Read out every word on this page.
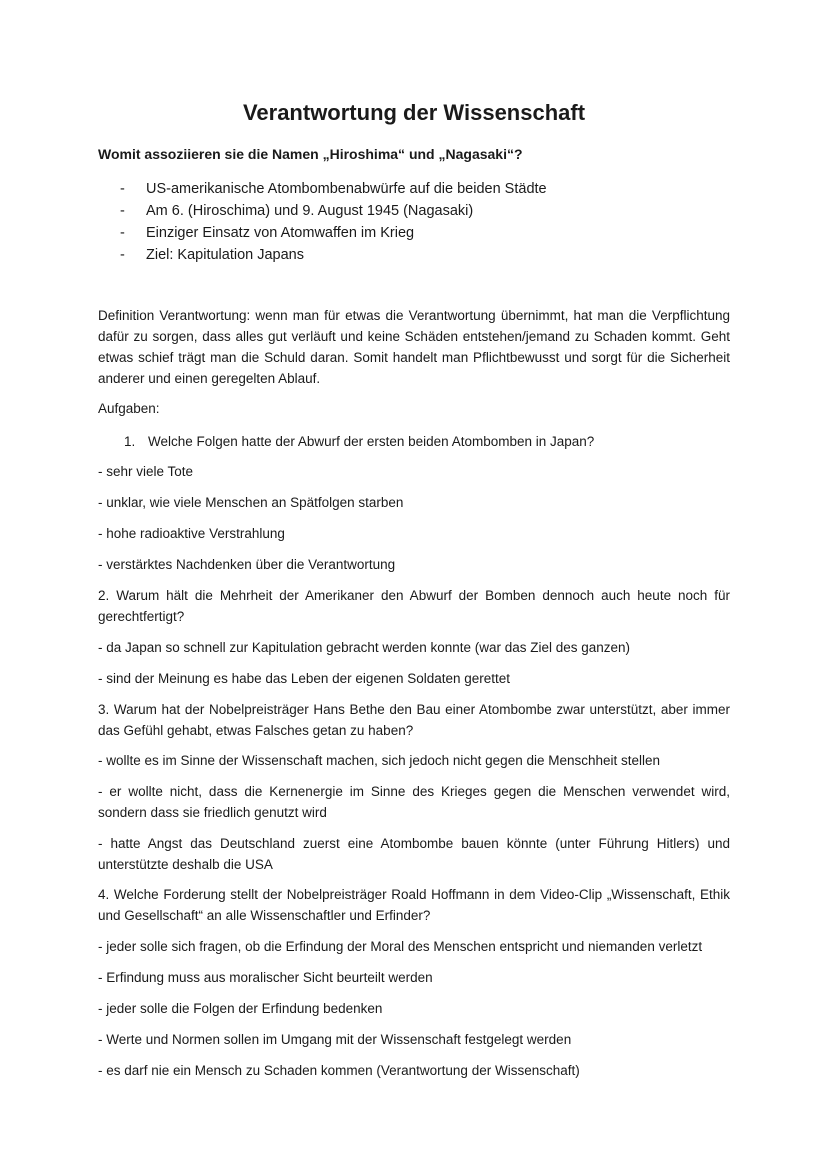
Verantwortung der Wissenschaft
Womit assoziieren sie die Namen „Hiroshima“ und „Nagasaki“?
- US-amerikanische Atombombenabwürfe auf die beiden Städte
- Am 6. (Hiroschima) und 9. August 1945 (Nagasaki)
- Einziger Einsatz von Atomwaffen im Krieg
- Ziel: Kapitulation Japans

Definition Verantwortung: wenn man für etwas die Verantwortung übernimmt, hat man die Verpflichtung dafür zu sorgen, dass alles gut verläuft und keine Schäden entstehen/jemand zu Schaden kommt. Geht etwas schief trägt man die Schuld daran. Somit handelt man Pflichtbewusst und sorgt für die Sicherheit anderer und einen geregelten Ablauf.

Aufgaben:

1. Welche Folgen hatte der Abwurf der ersten beiden Atombomben in Japan?

- sehr viele Tote

- unklar, wie viele Menschen an Spätfolgen starben

- hohe radioaktive Verstrahlung

- verstärktes Nachdenken über die Verantwortung

2. Warum hält die Mehrheit der Amerikaner den Abwurf der Bomben dennoch auch heute noch für gerechtfertigt?

- da Japan so schnell zur Kapitulation gebracht werden konnte (war das Ziel des ganzen)

- sind der Meinung es habe das Leben der eigenen Soldaten gerettet

3. Warum hat der Nobelpreisträger Hans Bethe den Bau einer Atombombe zwar unterstützt, aber immer das Gefühl gehabt, etwas Falsches getan zu haben?

- wollte es im Sinne der Wissenschaft machen, sich jedoch nicht gegen die Menschheit stellen

- er wollte nicht, dass die Kernenergie im Sinne des Krieges gegen die Menschen verwendet wird, sondern dass sie friedlich genutzt wird

- hatte Angst das Deutschland zuerst eine Atombombe bauen könnte (unter Führung Hitlers) und unterstützte deshalb die USA

4. Welche Forderung stellt der Nobelpreisträger Roald Hoffmann in dem Video-Clip „Wissenschaft, Ethik und Gesellschaft“ an alle Wissenschaftler und Erfinder?

- jeder solle sich fragen, ob die Erfindung der Moral des Menschen entspricht und niemanden verletzt

- Erfindung muss aus moralischer Sicht beurteilt werden

- jeder solle die Folgen der Erfindung bedenken

- Werte und Normen sollen im Umgang mit der Wissenschaft festgelegt werden

- es darf nie ein Mensch zu Schaden kommen (Verantwortung der Wissenschaft)
